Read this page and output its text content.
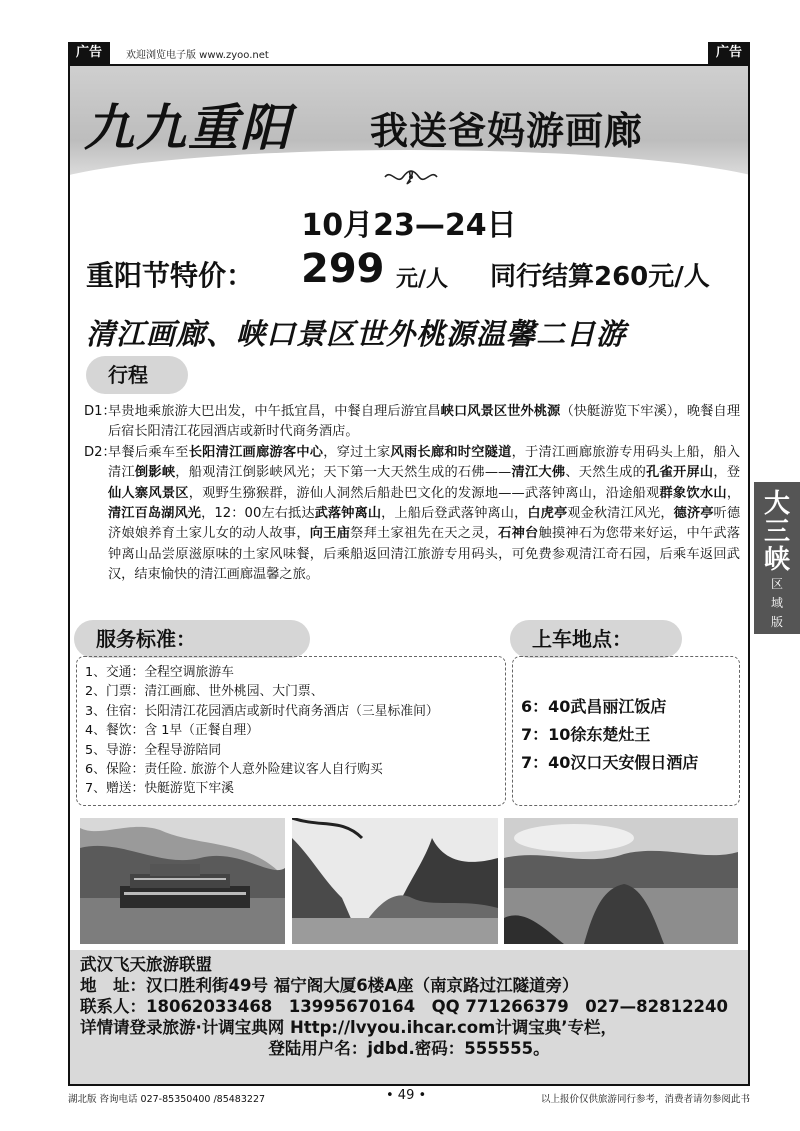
广告	欢迎浏览电子版 www.zyoo.net	广告
九九重阳 我送爸妈游画廊
10月23—24日
重阳节特价： 299 元/人 同行结算260元/人
清江画廊、峡口景区世外桃源温馨二日游
行程
D1：
早贵地乘旅游大巴出发，中午抵宜昌，中餐自理后游宜昌峡口风景区世外桃源（快艇游览下牢溪），晚餐自理后宿长阳清江花园酒店或新时代商务酒店。
D2：
早餐后乘车至长阳清江画廊游客中心，穿过土家风雨长廊和时空隧道，于清江画廊旅游专用码头上船，船入清江倒影峡，船观清江倒影峡风光；天下第一大天然生成的石佛——清江大佛、天然生成的孔雀开屏山，登仙人寨风景区，观野生猕猴群，游仙人洞然后船赴巴文化的发源地——武落钟离山，沿途船观群象饮水山，清江百岛湖风光，12：00左右抵达武落钟离山，上船后登武落钟离山，白虎亭观金秋清江风光，德济亭听德济娘娘养育土家儿女的动人故事，向王庙祭拜土家祖先在天之灵，石神台触摸神石为您带来好运，中午武落钟离山品尝原滋原味的土家风味餐，后乘船返回清江旅游专用码头，可免费参观清江奇石园，后乘车返回武汉，结束愉快的清江画廊温馨之旅。
服务标准：	上车地点：
1、交通：全程空调旅游车
2、门票：清江画廊、世外桃园、大门票、
3、住宿：长阳清江花园酒店或新时代商务酒店（三星标准间）
4、餐饮：含 1早（正餐自理）
5、导游：全程导游陪同
6、保险：责任险. 旅游个人意外险建议客人自行购买
7、赠送：快艇游览下牢溪
6：40武昌丽江饭店
7：10徐东楚灶王
7：40汉口天安假日酒店
武汉飞天旅游联盟
地　址：汉口胜利街49号 福宁阁大厦6楼A座（南京路过江隧道旁）
联系人：18062033468　13995670164　QQ 771266379　027—82812240
详情请登录旅游·计调宝典网 Http://lvyou.ihcar.com计调宝典’专栏，
登陆用户名：jdbd.密码：555555。
大三峡
区
域
版
湖北版 咨询电话 027-85350400 /85483227	• 49 •	以上报价仅供旅游同行参考，消费者请勿参阅此书
